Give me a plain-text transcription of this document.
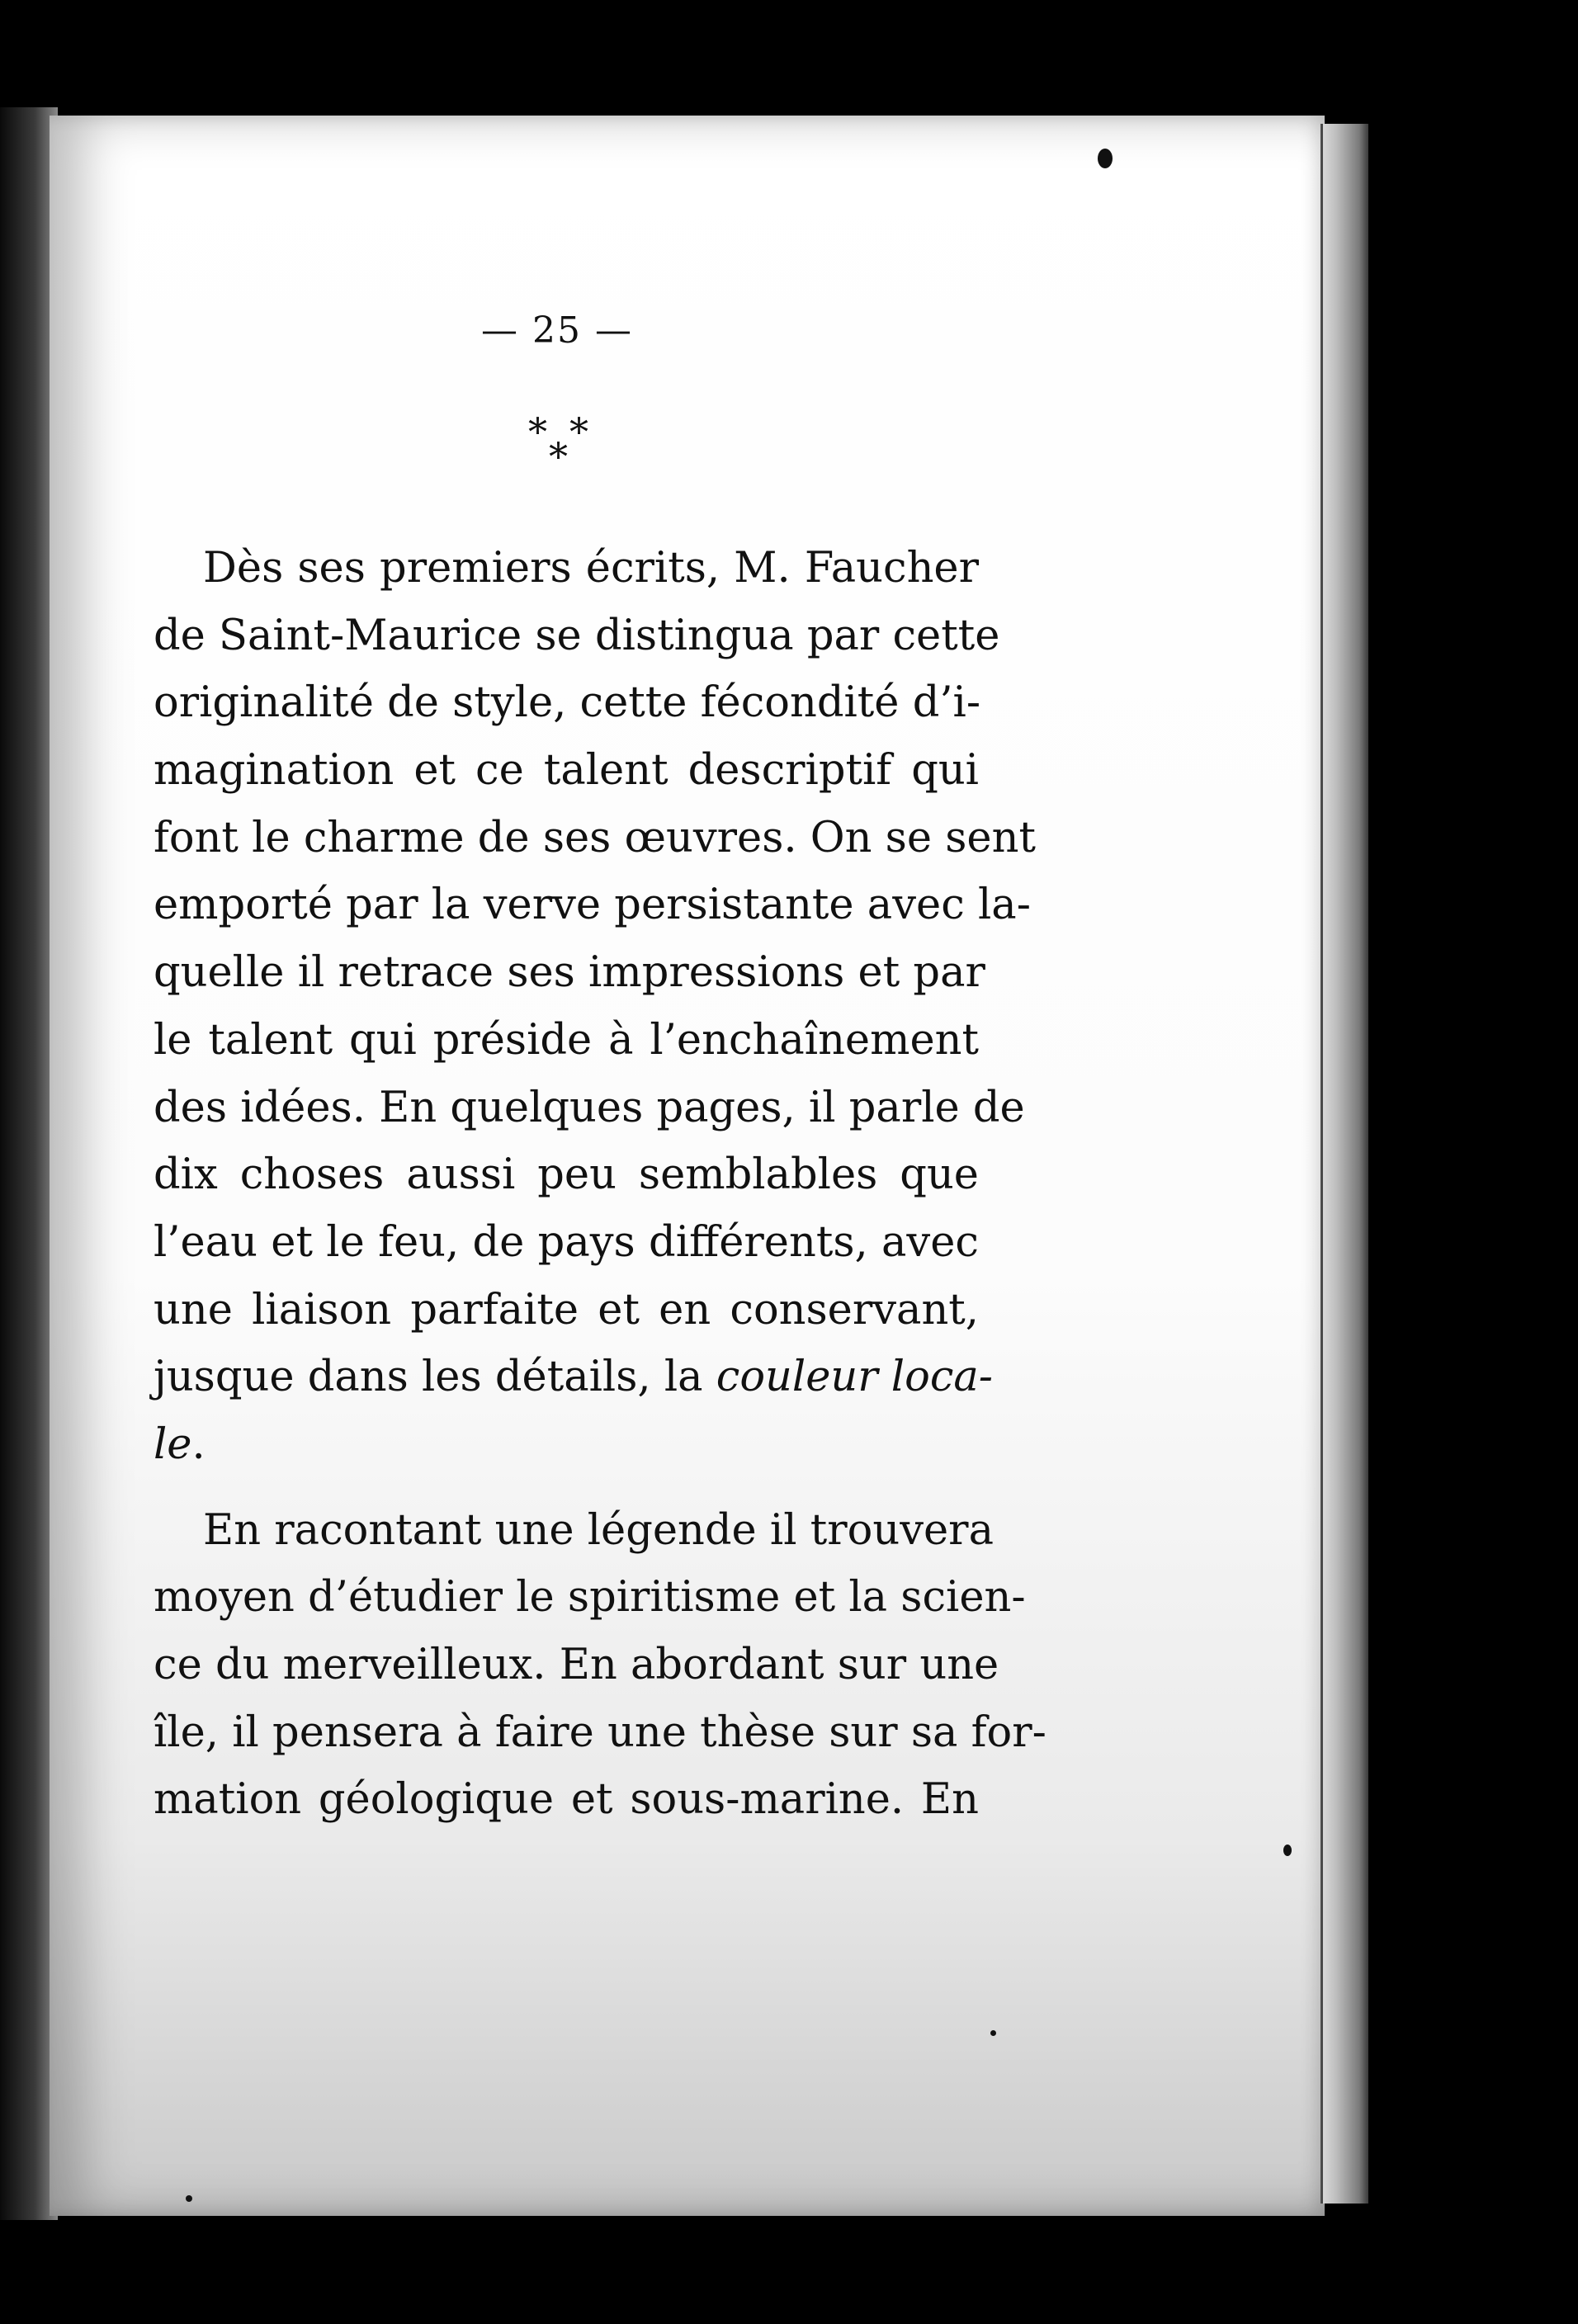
— 25 —
* *
*
Dès ses premiers écrits, M. Faucher
de Saint-Maurice se distingua par cette
originalité de style, cette fécondité d’i-
magination et ce talent descriptif qui
font le charme de ses œuvres. On se sent
emporté par la verve persistante avec la-
quelle il retrace ses impressions et par
le talent qui préside à l’enchaînement
des idées. En quelques pages, il parle de
dix choses aussi peu semblables que
l’eau et le feu, de pays différents, avec
une liaison parfaite et en conservant,
jusque dans les détails, la couleur loca-
le.
En racontant une légende il trouvera
moyen d’étudier le spiritisme et la scien-
ce du merveilleux. En abordant sur une
île, il pensera à faire une thèse sur sa for-
mation géologique et sous-marine. En
